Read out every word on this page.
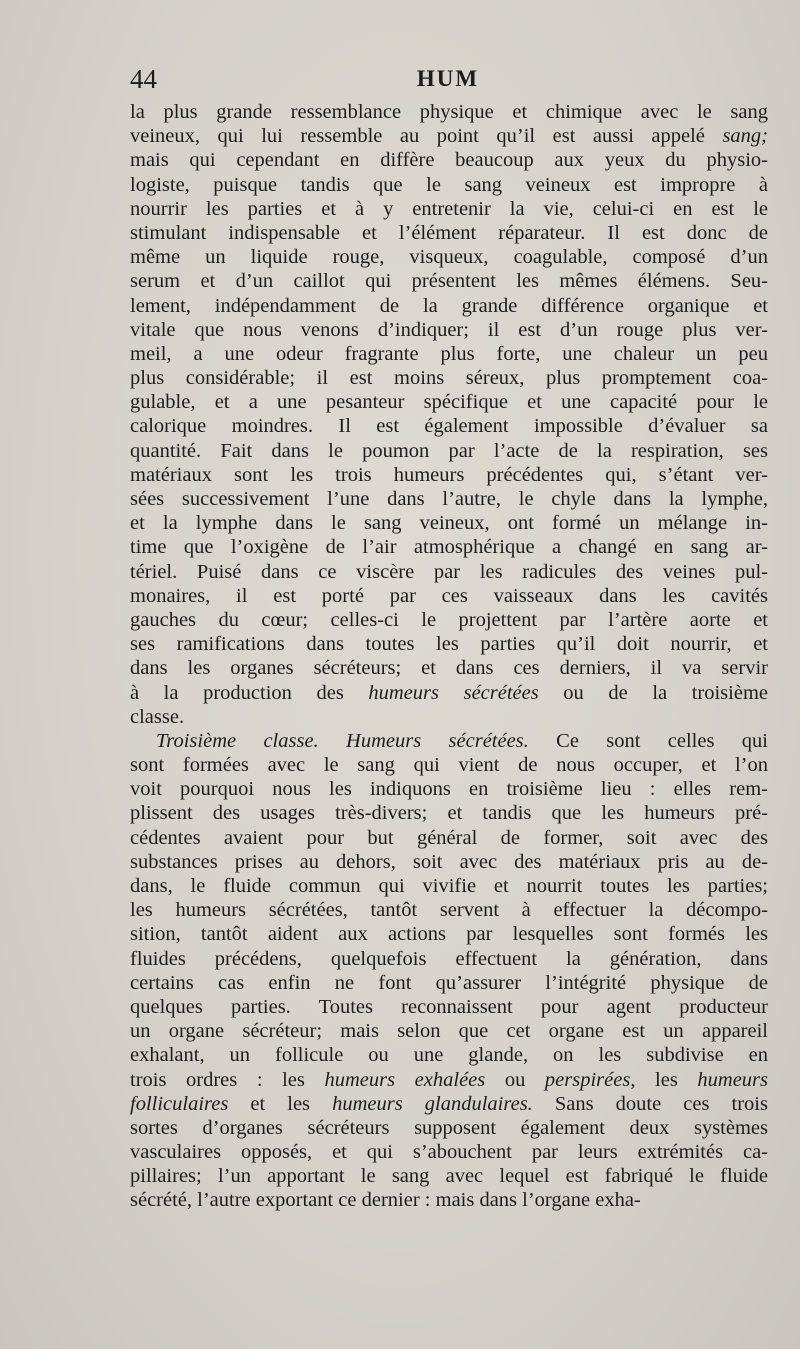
44	HUM
la plus grande ressemblance physique et chimique avec le sang
veineux, qui lui ressemble au point qu’il est aussi appelé sang;
mais qui cependant en diffère beaucoup aux yeux du physio-
logiste, puisque tandis que le sang veineux est impropre à
nourrir les parties et à y entretenir la vie, celui-ci en est le
stimulant indispensable et l’élément réparateur. Il est donc de
même un liquide rouge, visqueux, coagulable, composé d’un
serum et d’un caillot qui présentent les mêmes élémens. Seu-
lement, indépendamment de la grande différence organique et
vitale que nous venons d’indiquer; il est d’un rouge plus ver-
meil, a une odeur fragrante plus forte, une chaleur un peu
plus considérable; il est moins séreux, plus promptement coa-
gulable, et a une pesanteur spécifique et une capacité pour le
calorique moindres. Il est également impossible d’évaluer sa
quantité. Fait dans le poumon par l’acte de la respiration, ses
matériaux sont les trois humeurs précédentes qui, s’étant ver-
sées successivement l’une dans l’autre, le chyle dans la lymphe,
et la lymphe dans le sang veineux, ont formé un mélange in-
time que l’oxigène de l’air atmosphérique a changé en sang ar-
tériel. Puisé dans ce viscère par les radicules des veines pul-
monaires, il est porté par ces vaisseaux dans les cavités
gauches du cœur; celles-ci le projettent par l’artère aorte et
ses ramifications dans toutes les parties qu’il doit nourrir, et
dans les organes sécréteurs; et dans ces derniers, il va servir
à la production des humeurs sécrétées ou de la troisième
classe.
Troisième classe. Humeurs sécrétées. Ce sont celles qui
sont formées avec le sang qui vient de nous occuper, et l’on
voit pourquoi nous les indiquons en troisième lieu : elles rem-
plissent des usages très-divers; et tandis que les humeurs pré-
cédentes avaient pour but général de former, soit avec des
substances prises au dehors, soit avec des matériaux pris au de-
dans, le fluide commun qui vivifie et nourrit toutes les parties;
les humeurs sécrétées, tantôt servent à effectuer la décompo-
sition, tantôt aident aux actions par lesquelles sont formés les
fluides précédens, quelquefois effectuent la génération, dans
certains cas enfin ne font qu’assurer l’intégrité physique de
quelques parties. Toutes reconnaissent pour agent producteur
un organe sécréteur; mais selon que cet organe est un appareil
exhalant, un follicule ou une glande, on les subdivise en
trois ordres : les humeurs exhalées ou perspirées, les humeurs
folliculaires et les humeurs glandulaires. Sans doute ces trois
sortes d’organes sécréteurs supposent également deux systèmes
vasculaires opposés, et qui s’abouchent par leurs extrémités ca-
pillaires; l’un apportant le sang avec lequel est fabriqué le fluide
sécrété, l’autre exportant ce dernier : mais dans l’organe exha-
